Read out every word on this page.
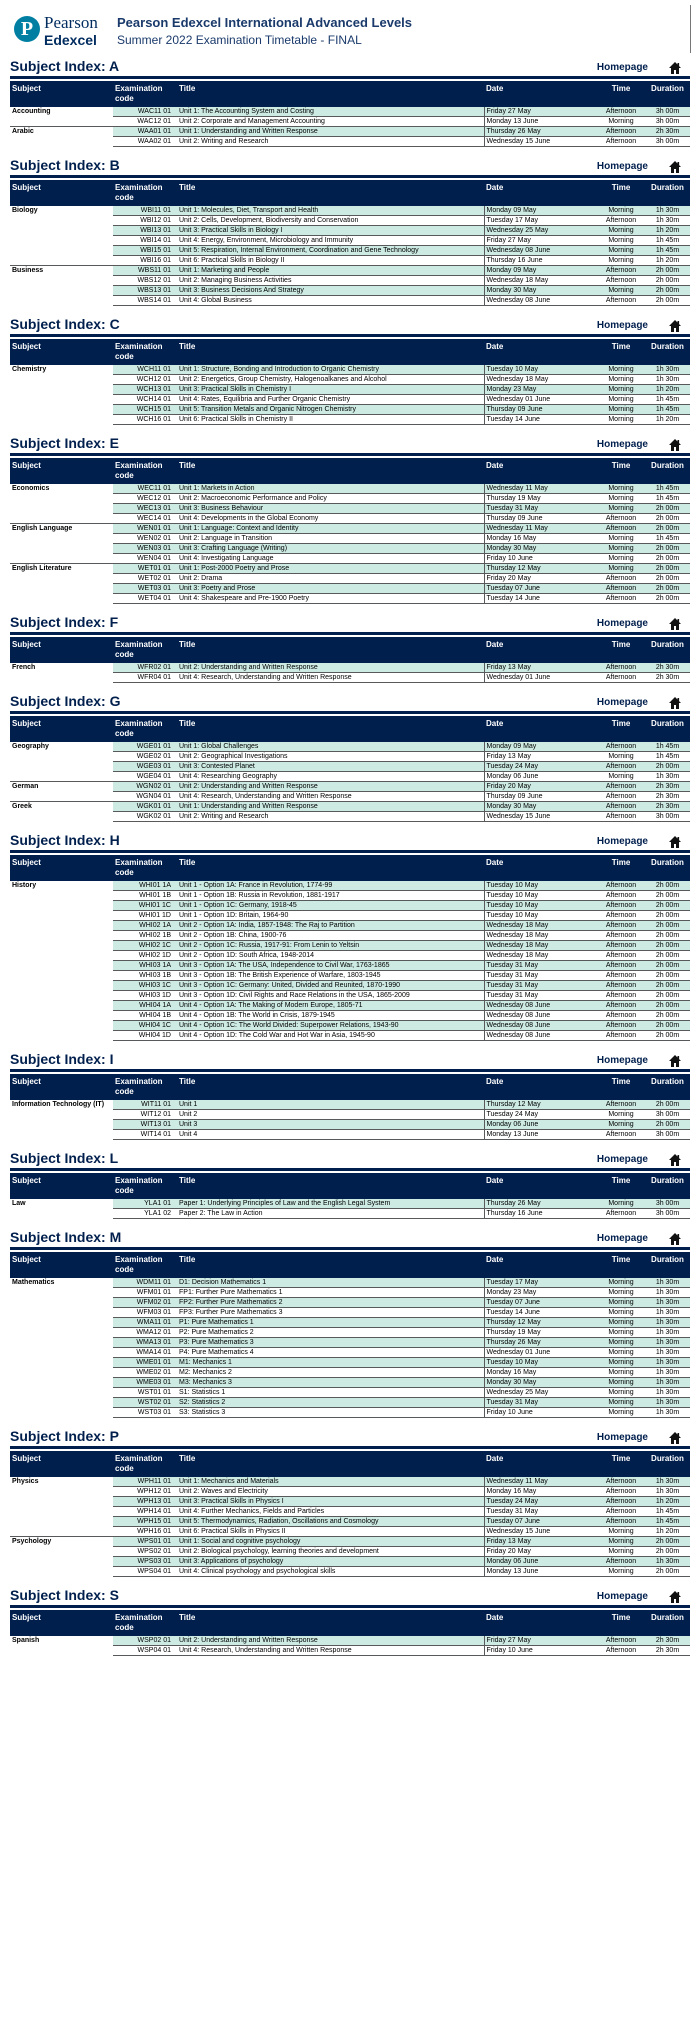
P Pearson
Edexcel
Pearson Edexcel International Advanced Levels
Summer 2022 Examination Timetable - FINAL
Subject Index: A	Homepage
Subject	Examination code	Title	Date	Time	Duration
Accounting	WAC11 01	Unit 1: The Accounting System and Costing	Friday 27 May	Afternoon	3h 00m
	WAC12 01	Unit 2: Corporate and Management Accounting	Monday 13 June	Morning	3h 00m
Arabic	WAA01 01	Unit 1: Understanding and Written Response	Thursday 26 May	Afternoon	2h 30m
	WAA02 01	Unit 2: Writing and Research	Wednesday 15 June	Afternoon	3h 00m
Subject Index: B	Homepage
Subject	Examination code	Title	Date	Time	Duration
Biology	WBI11 01	Unit 1: Molecules, Diet, Transport and Health	Monday 09 May	Morning	1h 30m
	WBI12 01	Unit 2: Cells, Development, Biodiversity and Conservation	Tuesday 17 May	Afternoon	1h 30m
	WBI13 01	Unit 3: Practical Skills in Biology I	Wednesday 25 May	Morning	1h 20m
	WBI14 01	Unit 4: Energy, Environment, Microbiology and Immunity	Friday 27 May	Morning	1h 45m
	WBI15 01	Unit 5: Respiration, Internal Environment, Coordination and Gene Technology	Wednesday 08 June	Morning	1h 45m
	WBI16 01	Unit 6: Practical Skills in Biology II	Thursday 16 June	Morning	1h 20m
Business	WBS11 01	Unit 1: Marketing and People	Monday 09 May	Afternoon	2h 00m
	WBS12 01	Unit 2: Managing Business Activities	Wednesday 18 May	Afternoon	2h 00m
	WBS13 01	Unit 3: Business Decisions And Strategy	Monday 30 May	Morning	2h 00m
	WBS14 01	Unit 4: Global Business	Wednesday 08 June	Afternoon	2h 00m
Subject Index: C	Homepage
Subject	Examination code	Title	Date	Time	Duration
Chemistry	WCH11 01	Unit 1: Structure, Bonding and Introduction to Organic Chemistry	Tuesday 10 May	Morning	1h 30m
	WCH12 01	Unit 2: Energetics, Group Chemistry, Halogenoalkanes and Alcohol	Wednesday 18 May	Morning	1h 30m
	WCH13 01	Unit 3: Practical Skills in Chemistry I	Monday 23 May	Morning	1h 20m
	WCH14 01	Unit 4: Rates, Equilibria and Further Organic Chemistry	Wednesday 01 June	Morning	1h 45m
	WCH15 01	Unit 5: Transition Metals and Organic Nitrogen Chemistry	Thursday 09 June	Morning	1h 45m
	WCH16 01	Unit 6: Practical Skills in Chemistry II	Tuesday 14 June	Morning	1h 20m
Subject Index: E	Homepage
Subject	Examination code	Title	Date	Time	Duration
Economics	WEC11 01	Unit 1: Markets in Action	Wednesday 11 May	Morning	1h 45m
	WEC12 01	Unit 2: Macroeconomic Performance and Policy	Thursday 19 May	Morning	1h 45m
	WEC13 01	Unit 3: Business Behaviour	Tuesday 31 May	Morning	2h 00m
	WEC14 01	Unit 4: Developments in the Global Economy	Thursday 09 June	Afternoon	2h 00m
English Language	WEN01 01	Unit 1: Language: Context and Identity	Wednesday 11 May	Afternoon	2h 00m
	WEN02 01	Unit 2: Language in Transition	Monday 16 May	Morning	1h 45m
	WEN03 01	Unit 3: Crafting Language (Writing)	Monday 30 May	Morning	2h 00m
	WEN04 01	Unit 4: Investigating Language	Friday 10 June	Morning	2h 00m
English Literature	WET01 01	Unit 1: Post-2000 Poetry and Prose	Thursday 12 May	Morning	2h 00m
	WET02 01	Unit 2: Drama	Friday 20 May	Afternoon	2h 00m
	WET03 01	Unit 3: Poetry and Prose	Tuesday 07 June	Afternoon	2h 00m
	WET04 01	Unit 4: Shakespeare and Pre-1900 Poetry	Tuesday 14 June	Afternoon	2h 00m
Subject Index: F	Homepage
Subject	Examination code	Title	Date	Time	Duration
French	WFR02 01	Unit 2: Understanding and Written Response	Friday 13 May	Afternoon	2h 30m
	WFR04 01	Unit 4: Research, Understanding and Written Response	Wednesday 01 June	Afternoon	2h 30m
Subject Index: G	Homepage
Subject	Examination code	Title	Date	Time	Duration
Geography	WGE01 01	Unit 1: Global Challenges	Monday 09 May	Afternoon	1h 45m
	WGE02 01	Unit 2: Geographical Investigations	Friday 13 May	Morning	1h 45m
	WGE03 01	Unit 3: Contested Planet	Tuesday 24 May	Afternoon	2h 00m
	WGE04 01	Unit 4: Researching Geography	Monday 06 June	Morning	1h 30m
German	WGN02 01	Unit 2: Understanding and Written Response	Friday 20 May	Afternoon	2h 30m
	WGN04 01	Unit 4: Research, Understanding and Written Response	Thursday 09 June	Afternoon	2h 30m
Greek	WGK01 01	Unit 1: Understanding and Written Response	Monday 30 May	Afternoon	2h 30m
	WGK02 01	Unit 2: Writing and Research	Wednesday 15 June	Afternoon	3h 00m
Subject Index: H	Homepage
Subject	Examination code	Title	Date	Time	Duration
History	WHI01 1A	Unit 1 - Option 1A: France in Revolution, 1774-99	Tuesday 10 May	Afternoon	2h 00m
	WHI01 1B	Unit 1 - Option 1B: Russia in Revolution, 1881-1917	Tuesday 10 May	Afternoon	2h 00m
	WHI01 1C	Unit 1 - Option 1C: Germany, 1918-45	Tuesday 10 May	Afternoon	2h 00m
	WHI01 1D	Unit 1 - Option 1D: Britain, 1964-90	Tuesday 10 May	Afternoon	2h 00m
	WHI02 1A	Unit 2 - Option 1A: India, 1857-1948: The Raj to Partition	Wednesday 18 May	Afternoon	2h 00m
	WHI02 1B	Unit 2 - Option 1B: China, 1900-76	Wednesday 18 May	Afternoon	2h 00m
	WHI02 1C	Unit 2 - Option 1C: Russia, 1917-91: From Lenin to Yeltsin	Wednesday 18 May	Afternoon	2h 00m
	WHI02 1D	Unit 2 - Option 1D: South Africa, 1948-2014	Wednesday 18 May	Afternoon	2h 00m
	WHI03 1A	Unit 3 - Option 1A: The USA, Independence to Civil War, 1763-1865	Tuesday 31 May	Afternoon	2h 00m
	WHI03 1B	Unit 3 - Option 1B: The British Experience of Warfare, 1803-1945	Tuesday 31 May	Afternoon	2h 00m
	WHI03 1C	Unit 3 - Option 1C: Germany: United, Divided and Reunited, 1870-1990	Tuesday 31 May	Afternoon	2h 00m
	WHI03 1D	Unit 3 - Option 1D: Civil Rights and Race Relations in the USA, 1865-2009	Tuesday 31 May	Afternoon	2h 00m
	WHI04 1A	Unit 4 - Option 1A: The Making of Modern Europe, 1805-71	Wednesday 08 June	Afternoon	2h 00m
	WHI04 1B	Unit 4 - Option 1B: The World in Crisis, 1879-1945	Wednesday 08 June	Afternoon	2h 00m
	WHI04 1C	Unit 4 - Option 1C: The World Divided: Superpower Relations, 1943-90	Wednesday 08 June	Afternoon	2h 00m
	WHI04 1D	Unit 4 - Option 1D: The Cold War and Hot War in Asia, 1945-90	Wednesday 08 June	Afternoon	2h 00m
Subject Index: I	Homepage
Subject	Examination code	Title	Date	Time	Duration
Information Technology (IT)	WIT11 01	Unit 1	Thursday 12 May	Afternoon	2h 00m
	WIT12 01	Unit 2	Tuesday 24 May	Morning	3h 00m
	WIT13 01	Unit 3	Monday 06 June	Morning	2h 00m
	WIT14 01	Unit 4	Monday 13 June	Afternoon	3h 00m
Subject Index: L	Homepage
Subject	Examination code	Title	Date	Time	Duration
Law	YLA1 01	Paper 1: Underlying Principles of Law and the English Legal System	Thursday 26 May	Morning	3h 00m
	YLA1 02	Paper 2: The Law in Action	Thursday 16 June	Afternoon	3h 00m
Subject Index: M	Homepage
Subject	Examination code	Title	Date	Time	Duration
Mathematics	WDM11 01	D1: Decision Mathematics 1	Tuesday 17 May	Morning	1h 30m
	WFM01 01	FP1: Further Pure Mathematics 1	Monday 23 May	Morning	1h 30m
	WFM02 01	FP2: Further Pure Mathematics 2	Tuesday 07 June	Morning	1h 30m
	WFM03 01	FP3: Further Pure Mathematics 3	Tuesday 14 June	Morning	1h 30m
	WMA11 01	P1: Pure Mathematics 1	Thursday 12 May	Morning	1h 30m
	WMA12 01	P2: Pure Mathematics 2	Thursday 19 May	Morning	1h 30m
	WMA13 01	P3: Pure Mathematics 3	Thursday 26 May	Morning	1h 30m
	WMA14 01	P4: Pure Mathematics 4	Wednesday 01 June	Morning	1h 30m
	WME01 01	M1: Mechanics 1	Tuesday 10 May	Morning	1h 30m
	WME02 01	M2: Mechanics 2	Monday 16 May	Morning	1h 30m
	WME03 01	M3: Mechanics 3	Monday 30 May	Morning	1h 30m
	WST01 01	S1: Statistics 1	Wednesday 25 May	Morning	1h 30m
	WST02 01	S2: Statistics 2	Tuesday 31 May	Morning	1h 30m
	WST03 01	S3: Statistics 3	Friday 10 June	Morning	1h 30m
Subject Index: P	Homepage
Subject	Examination code	Title	Date	Time	Duration
Physics	WPH11 01	Unit 1: Mechanics and Materials	Wednesday 11 May	Afternoon	1h 30m
	WPH12 01	Unit 2: Waves and Electricity	Monday 16 May	Afternoon	1h 30m
	WPH13 01	Unit 3: Practical Skills in Physics I	Tuesday 24 May	Afternoon	1h 20m
	WPH14 01	Unit 4: Further Mechanics, Fields and Particles	Tuesday 31 May	Afternoon	1h 45m
	WPH15 01	Unit 5: Thermodynamics, Radiation, Oscillations and Cosmology	Tuesday 07 June	Afternoon	1h 45m
	WPH16 01	Unit 6: Practical Skills in Physics II	Wednesday 15 June	Morning	1h 20m
Psychology	WPS01 01	Unit 1: Social and cognitive psychology	Friday 13 May	Morning	2h 00m
	WPS02 01	Unit 2: Biological psychology, learning theories and development	Friday 20 May	Morning	2h 00m
	WPS03 01	Unit 3: Applications of psychology	Monday 06 June	Afternoon	1h 30m
	WPS04 01	Unit 4: Clinical psychology and psychological skills	Monday 13 June	Morning	2h 00m
Subject Index: S	Homepage
Subject	Examination code	Title	Date	Time	Duration
Spanish	WSP02 01	Unit 2: Understanding and Written Response	Friday 27 May	Afternoon	2h 30m
	WSP04 01	Unit 4: Research, Understanding and Written Response	Friday 10 June	Afternoon	2h 30m
